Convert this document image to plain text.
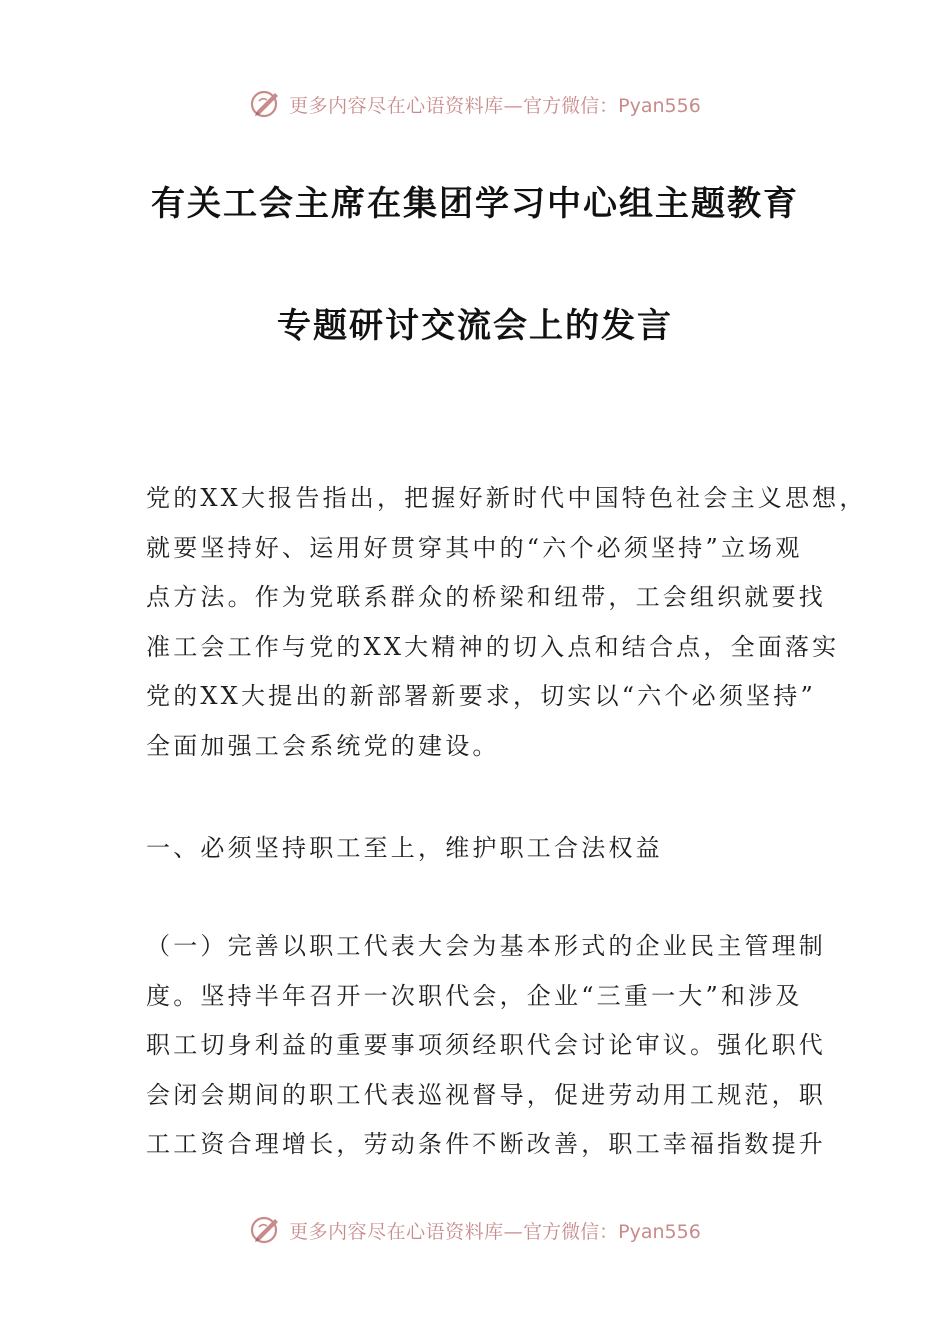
更多内容尽在心语资料库— 官方微信：Pyan556
有关工会主席在集团学习中心组主题教育
专题研讨交流会上的发言
党的XX大报告指出，把握好新时代中国特色社会主义思想，
就要坚持好、运用好贯穿其中的“六个必须坚持”立场观
点方法。作为党联系群众的桥梁和纽带，工会组织就要找
准工会工作与党的XX大精神的切入点和结合点，全面落实
党的XX大提出的新部署新要求，切实以“六个必须坚持”
全面加强工会系统党的建设。
一、必须坚持职工至上，维护职工合法权益
（一）完善以职工代表大会为基本形式的企业民主管理制
度。坚持半年召开一次职代会，企业“三重一大”和涉及
职工切身利益的重要事项须经职代会讨论审议。强化职代
会闭会期间的职工代表巡视督导，促进劳动用工规范，职
工工资合理增长，劳动条件不断改善，职工幸福指数提升
更多内容尽在心语资料库— 官方微信：Pyan556
